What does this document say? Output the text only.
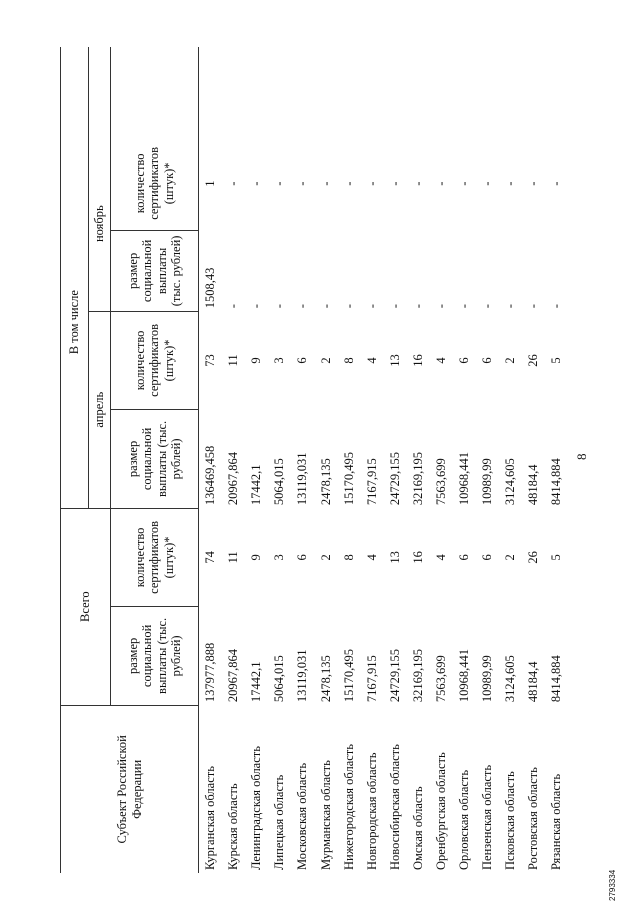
8
Субъект Российской Федерации	Всего		В том числе				
			апрель		ноябрь		
	размер социальной выплаты (тыс. рублей)	количество сертификатов (штук)*	размер социальной выплаты (тыс. рублей)	количество сертификатов (штук)*	размер социальной выплаты (тыс. рублей)	количество сертификатов (штук)*	
Курганская область	137977,888	74	136469,458	73	1508,43	1	
Курская область	20967,864	11	20967,864	11	-	-	
Ленинградская область	17442,1	9	17442,1	9	-	-	
Липецкая область	5064,015	3	5064,015	3	-	-	
Московская область	13119,031	6	13119,031	6	-	-	
Мурманская область	2478,135	2	2478,135	2	-	-	
Нижегородская область	15170,495	8	15170,495	8	-	-	
Новгородская область	7167,915	4	7167,915	4	-	-	
Новосибирская область	24729,155	13	24729,155	13	-	-	
Омская область	32169,195	16	32169,195	16	-	-	
Оренбургская область	7563,699	4	7563,699	4	-	-	
Орловская область	10968,441	6	10968,441	6	-	-	
Пензенская область	10989,99	6	10989,99	6	-	-	
Псковская область	3124,605	2	3124,605	2	-	-	
Ростовская область	48184,4	26	48184,4	26	-	-	
Рязанская область	8414,884	5	8414,884	5	-	-	
2793334
